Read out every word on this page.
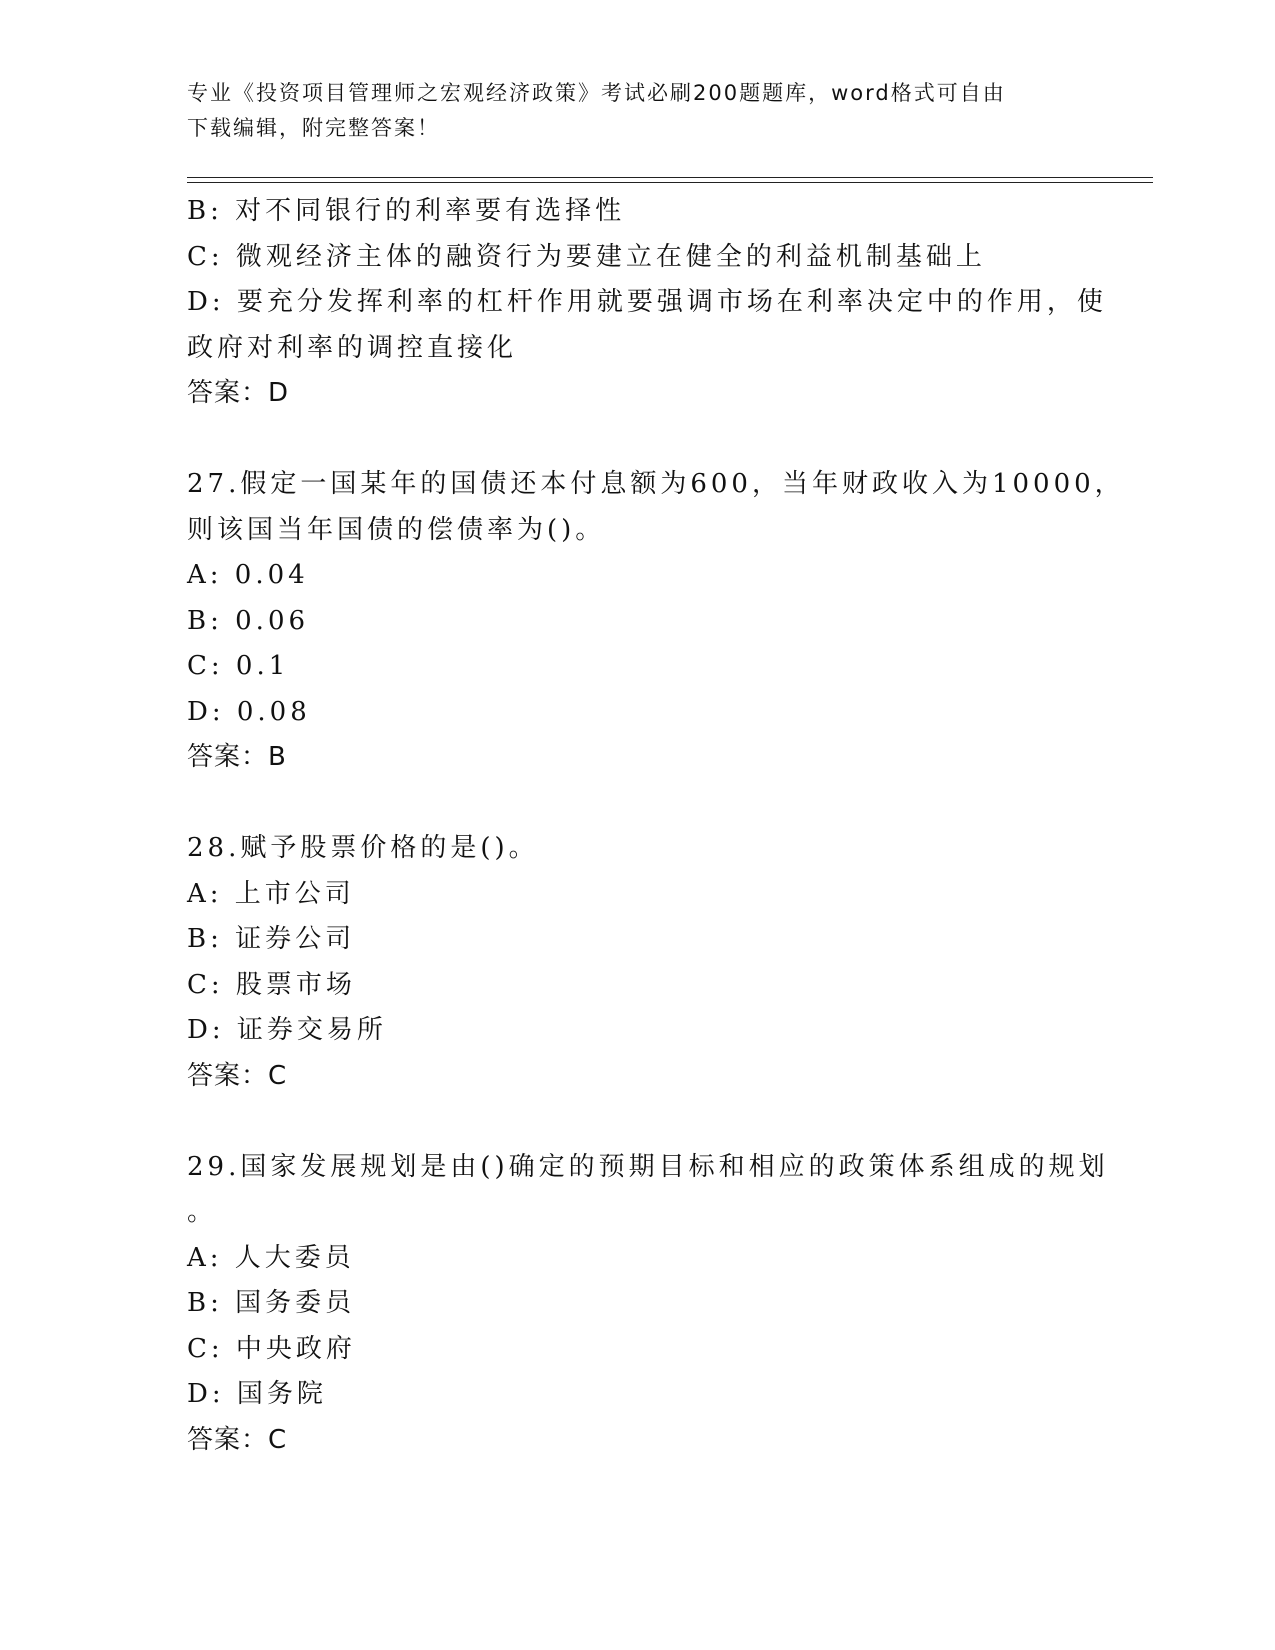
专业《投资项目管理师之宏观经济政策》考试必刷200题题库，word格式可自由
下载编辑，附完整答案！
B: 对不同银行的利率要有选择性
C: 微观经济主体的融资行为要建立在健全的利益机制基础上
D: 要充分发挥利率的杠杆作用就要强调市场在利率决定中的作用，使
政府对利率的调控直接化
答案：D
27.假定一国某年的国债还本付息额为600，当年财政收入为10000，
则该国当年国债的偿债率为()。
A: 0.04
B: 0.06
C: 0.1
D: 0.08
答案：B
28.赋予股票价格的是()。
A: 上市公司
B: 证券公司
C: 股票市场
D: 证券交易所
答案：C
29.国家发展规划是由()确定的预期目标和相应的政策体系组成的规划
。
A: 人大委员
B: 国务委员
C: 中央政府
D: 国务院
答案：C
